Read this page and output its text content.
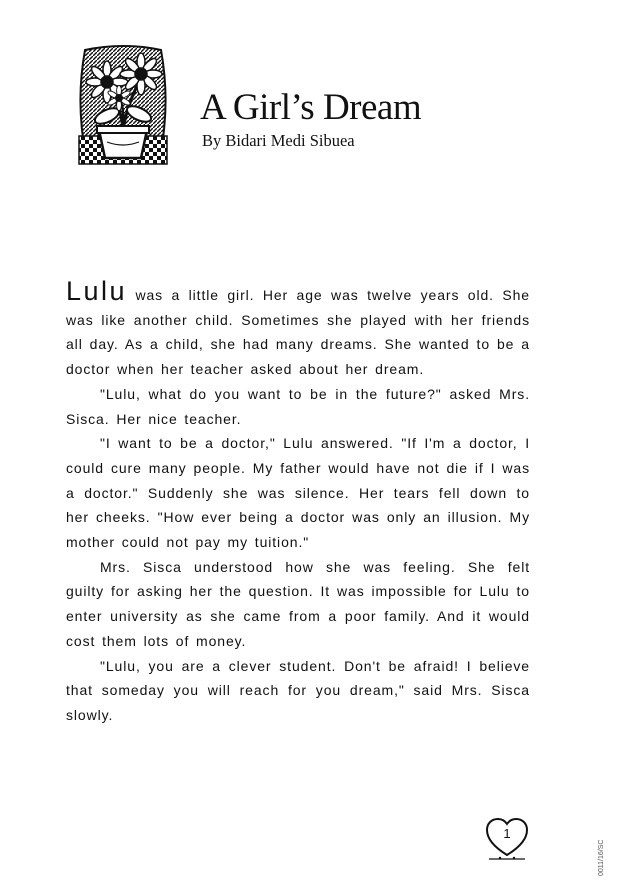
A Girl’s Dream

By Bidari Medi Sibuea

Lulu was a little girl. Her age was twelve years old. She was like another child. Sometimes she played with her friends all day. As a child, she had many dreams. She wanted to be a doctor when her teacher asked about her dream.

"Lulu, what do you want to be in the future?" asked Mrs. Sisca. Her nice teacher.

"I want to be a doctor," Lulu answered. "If I'm a doctor, I could cure many people. My father would have not die if I was a doctor." Suddenly she was silence. Her tears fell down to her cheeks. "How ever being a doctor was only an illusion. My mother could not pay my tuition."

Mrs. Sisca understood how she was feeling. She felt guilty for asking her the question. It was impossible for Lulu to enter university as she came from a poor family. And it would cost them lots of money.

"Lulu, you are a clever student. Don't be afraid! I believe that someday you will reach for you dream," said Mrs. Sisca slowly.

1
0011/16/SC
